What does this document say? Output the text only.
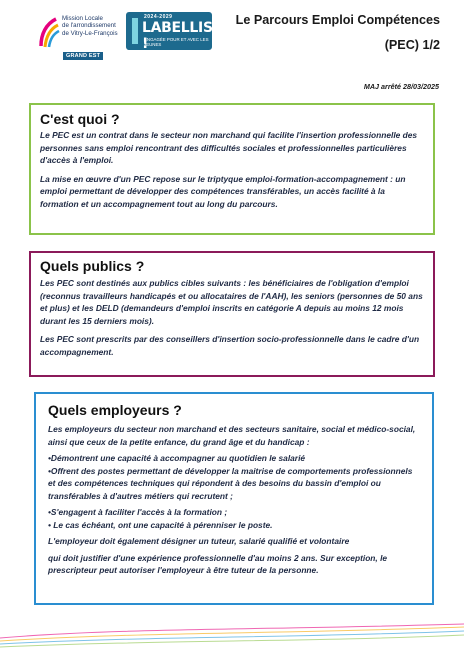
Mission Locale
de l'arrondissement
de Vitry-Le-François
GRAND EST
2024-2029
LABELLISÉE !
ENGAGÉE POUR ET AVEC LES JEUNES
Le Parcours Emploi Compétences
(PEC) 1/2
MAJ arrêté 28/03/2025
C'est quoi ?

Le PEC est un contrat dans le secteur non marchand qui facilite l'insertion professionnelle des personnes sans emploi rencontrant des difficultés sociales et professionnelles particulières d'accès à l'emploi.

La mise en œuvre d'un PEC repose sur le triptyque emploi-formation-accompagnement : un emploi permettant de développer des compétences transférables, un accès facilité à la formation et un accompagnement tout au long du parcours.

Quels publics ?

Les PEC sont destinés aux publics cibles suivants : les bénéficiaires de l'obligation d'emploi (reconnus travailleurs handicapés et ou allocataires de l'AAH), les seniors (personnes de 50 ans et plus) et les DELD (demandeurs d'emploi inscrits en catégorie A depuis au moins 12 mois durant les 15 derniers mois).

Les PEC sont prescrits par des conseillers d'insertion socio-professionnelle dans le cadre d'un accompagnement.

Quels employeurs ?

Les employeurs du secteur non marchand et des secteurs sanitaire, social et médico-social, ainsi que ceux de la petite enfance, du grand âge et du handicap :

•Démontrent une capacité à accompagner au quotidien le salarié

•Offrent des postes permettant de développer la maitrise de comportements professionnels et des compétences techniques qui répondent à des besoins du bassin d'emploi ou transférables à d'autres métiers qui recrutent ;

•S'engagent à faciliter l'accès à la formation ;

• Le cas échéant, ont une capacité à pérenniser le poste.

L'employeur doit également désigner un tuteur, salarié qualifié et volontaire

qui doit justifier d'une expérience professionnelle d'au moins 2 ans. Sur exception, le prescripteur peut autoriser l'employeur à être tuteur de la personne.
